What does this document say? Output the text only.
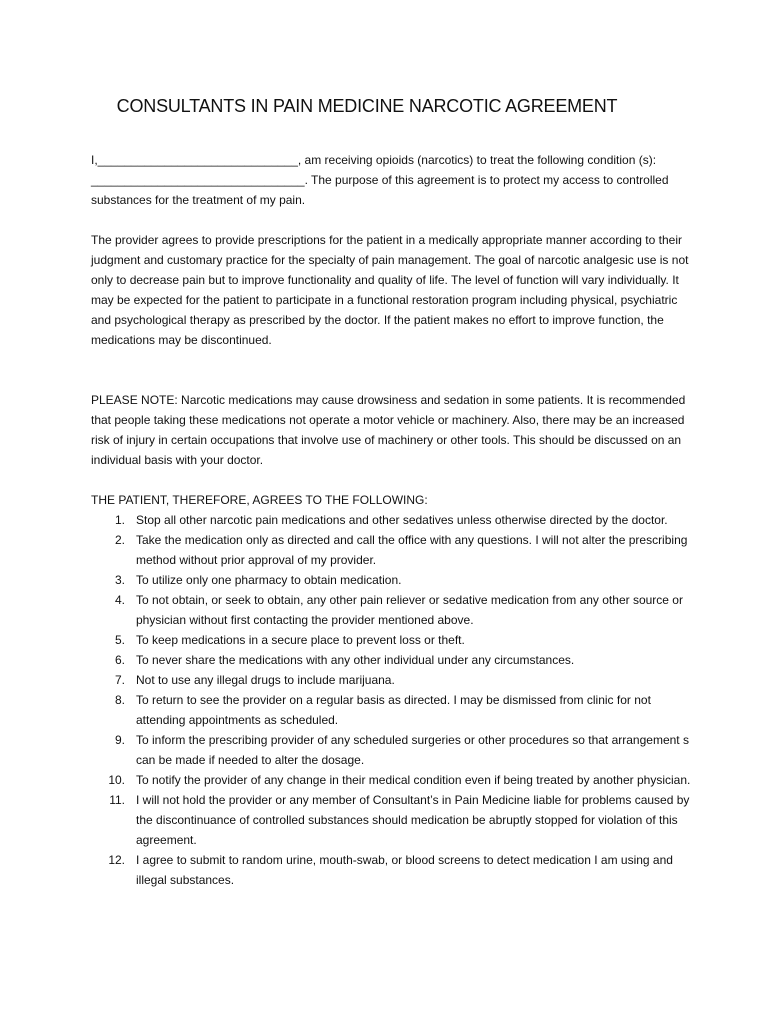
CONSULTANTS IN PAIN MEDICINE NARCOTIC AGREEMENT

I,______________________________, am receiving opioids (narcotics) to treat the following condition (s): ________________________________. The purpose of this agreement is to protect my access to controlled substances for the treatment of my pain.

The provider agrees to provide prescriptions for the patient in a medically appropriate manner according to their judgment and customary practice for the specialty of pain management. The goal of narcotic analgesic use is not only to decrease pain but to improve functionality and quality of life. The level of function will vary individually. It may be expected for the patient to participate in a functional restoration program including physical, psychiatric and psychological therapy as prescribed by the doctor. If the patient makes no effort to improve function, the medications may be discontinued.

PLEASE NOTE: Narcotic medications may cause drowsiness and sedation in some patients. It is recommended that people taking these medications not operate a motor vehicle or machinery. Also, there may be an increased risk of injury in certain occupations that involve use of machinery or other tools. This should be discussed on an individual basis with your doctor.

THE PATIENT, THEREFORE, AGREES TO THE FOLLOWING:

1. Stop all other narcotic pain medications and other sedatives unless otherwise directed by the doctor.
2. Take the medication only as directed and call the office with any questions. I will not alter the prescribing method without prior approval of my provider.
3. To utilize only one pharmacy to obtain medication.
4. To not obtain, or seek to obtain, any other pain reliever or sedative medication from any other source or physician without first contacting the provider mentioned above.
5. To keep medications in a secure place to prevent loss or theft.
6. To never share the medications with any other individual under any circumstances.
7. Not to use any illegal drugs to include marijuana.
8. To return to see the provider on a regular basis as directed. I may be dismissed from clinic for not attending appointments as scheduled.
9. To inform the prescribing provider of any scheduled surgeries or other procedures so that arrangement s can be made if needed to alter the dosage.
10. To notify the provider of any change in their medical condition even if being treated by another physician.
11. I will not hold the provider or any member of Consultant’s in Pain Medicine liable for problems caused by the discontinuance of controlled substances should medication be abruptly stopped for violation of this agreement.
12. I agree to submit to random urine, mouth-swab, or blood screens to detect medication I am using and illegal substances.
